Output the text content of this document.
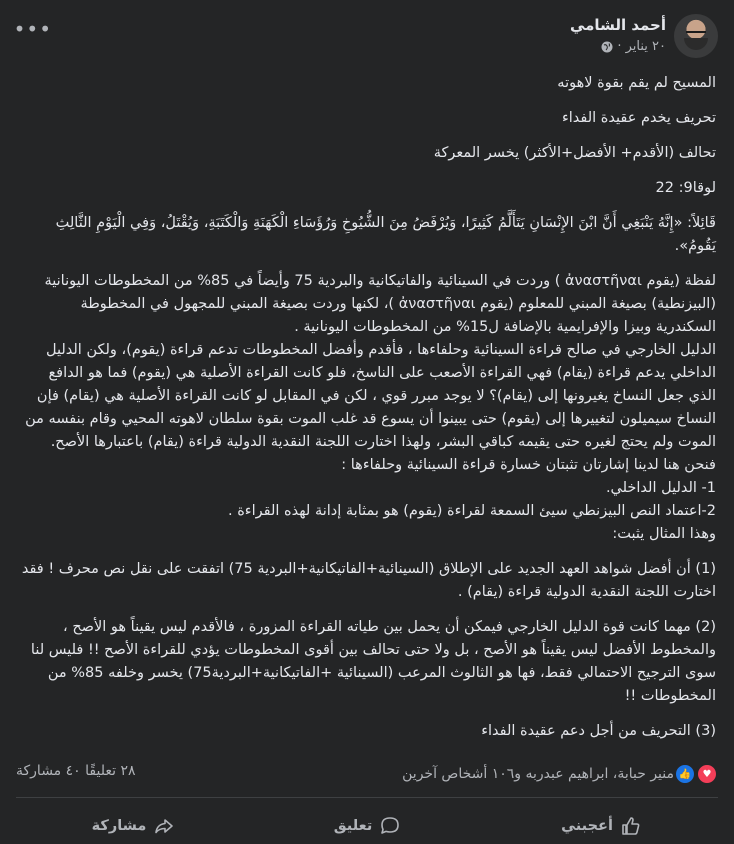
أحمد الشامي
٢٠ يناير ·
•••

المسيح لم يقم بقوة لاهوته

تحريف يخدم عقيدة الفداء

تحالف (الأقدم+ الأفضل+الأكثر) يخسر المعركة

لوقا9: 22

قَائِلاً: «إِنَّهُ يَنْبَغِي أَنَّ ابْنَ الإِنْسَانِ يَتَأَلَّمُ كَثِيرًا، وَيُرْفَضُ مِنَ الشُّيُوخِ وَرُؤَسَاءِ الْكَهَنَةِ وَالْكَتَبَةِ، وَيُقْتَلُ، وَفِي الْيَوْمِ الثَّالِثِ يَقُومُ».

لفظة (يقوم ἀναστῆναι ) وردت في السينائية والفاتيكانية والبردية 75 وأيضاً في 85% من المخطوطات اليونانية (البيزنطية) بصيغة المبني للمعلوم (يقوم ἀναστῆναι )، لكنها وردت بصيغة المبني للمجهول في المخطوطة السكندرية وبيزا والإفرايمية بالإضافة ل15% من المخطوطات اليونانية .

الدليل الخارجي في صالح قراءة السينائية وحلفاءها ، فأقدم وأفضل المخطوطات تدعم قراءة (يقوم)، ولكن الدليل الداخلي يدعم قراءة (يقام) فهي القراءة الأصعب على الناسخ، فلو كانت القراءة الأصلية هي (يقوم) فما هو الدافع الذي جعل النساخ يغيرونها إلى (يقام)؟ لا يوجد مبرر قوي ، لكن في المقابل لو كانت القراءة الأصلية هي (يقام) فإن النساخ سيميلون لتغييرها إلى (يقوم) حتى يبينوا أن يسوع قد غلب الموت بقوة سلطان لاهوته المحيي وقام بنفسه من الموت ولم يحتج لغيره حتى يقيمه كباقي البشر، ولهذا اختارت اللجنة النقدية الدولية قراءة (يقام) باعتبارها الأصح.

فنحن هنا لدينا إشارتان تثبتان خسارة قراءة السينائية وحلفاءها :

1- الدليل الداخلي.

2-اعتماد النص البيزنطي سيئ السمعة لقراءة (يقوم) هو بمثابة إدانة لهذه القراءة .

وهذا المثال يثبت:

(1) أن أفضل شواهد العهد الجديد على الإطلاق (السينائية+الفاتيكانية+البردية 75) اتفقت على نقل نص محرف ! فقد اختارت اللجنة النقدية الدولية قراءة (يقام) .

(2) مهما كانت قوة الدليل الخارجي فيمكن أن يحمل بين طياته القراءة المزورة ، فالأقدم ليس يقيناً هو الأصح ، والمخطوط الأفضل ليس يقيناً هو الأصح ، بل ولا حتى تحالف بين أقوى المخطوطات يؤدي للقراءة الأصح !! فليس لنا سوى الترجيح الاحتمالي فقط، فها هو الثالوث المرعب (السينائية +الفاتيكانية+البردية75) يخسر وخلفه 85% من المخطوطات !!

(3) التحريف من أجل دعم عقيدة الفداء

👍	♥
منير حبابة، ابراهيم عبدربه و١٠٦ أشخاص آخرين
٢٨ تعليقًا ٤٠ مشاركة
أعجبني
تعليق
مشاركة
